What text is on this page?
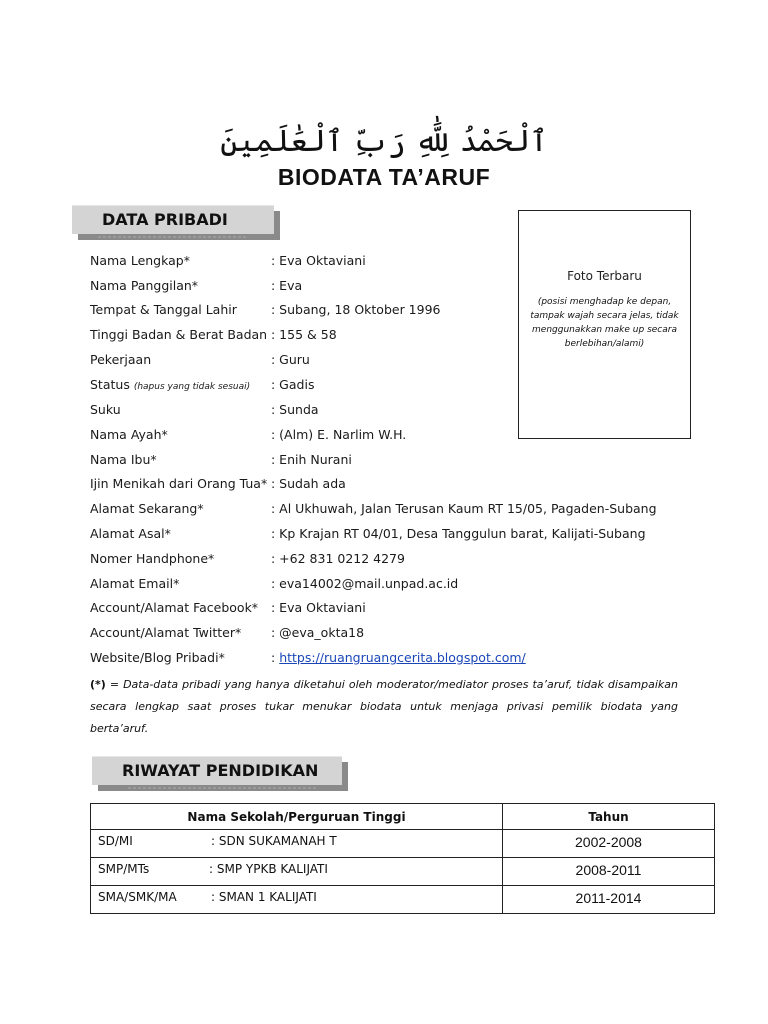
ٱلْحَمْدُ لِلَّٰهِ رَبِّ ٱلْعَٰلَمِينَ
BIODATA TA’ARUF
DATA PRIBADI
Foto Terbaru
(posisi menghadap ke depan, tampak wajah secara jelas, tidak menggunakkan make up secara berlebihan/alami)
Nama Lengkap*	: Eva Oktaviani
Nama Panggilan*	: Eva
Tempat & Tanggal Lahir	: Subang, 18 Oktober 1996
Tinggi Badan & Berat Badan : 155 & 58
Pekerjaan	: Guru
Status (hapus yang tidak sesuai) : Gadis
Suku	: Sunda
Nama Ayah*	: (Alm) E. Narlim W.H.
Nama Ibu*	: Enih Nurani
Ijin Menikah dari Orang Tua* : Sudah ada
Alamat Sekarang*	: Al Ukhuwah, Jalan Terusan Kaum RT 15/05, Pagaden-Subang
Alamat Asal*	: Kp Krajan RT 04/01, Desa Tanggulun barat, Kalijati-Subang
Nomer Handphone*	: +62 831 0212 4279
Alamat Email*	: eva14002@mail.unpad.ac.id
Account/Alamat Facebook* : Eva Oktaviani
Account/Alamat Twitter* : @eva_okta18
Website/Blog Pribadi*	: https://ruangruangcerita.blogspot.com/
(*) = Data-data pribadi yang hanya diketahui oleh moderator/mediator proses ta’aruf, tidak disampaikan secara lengkap saat proses tukar menukar biodata untuk menjaga privasi pemilik biodata yang berta’aruf.
RIWAYAT PENDIDIKAN
Nama Sekolah/Perguruan Tinggi	Tahun

SD/MI : SDN SUKAMANAH T	2002-2008

SMP/MTs : SMP YPKB KALIJATI	2008-2011

SMA/SMK/MA : SMAN 1 KALIJATI	2011-2014
